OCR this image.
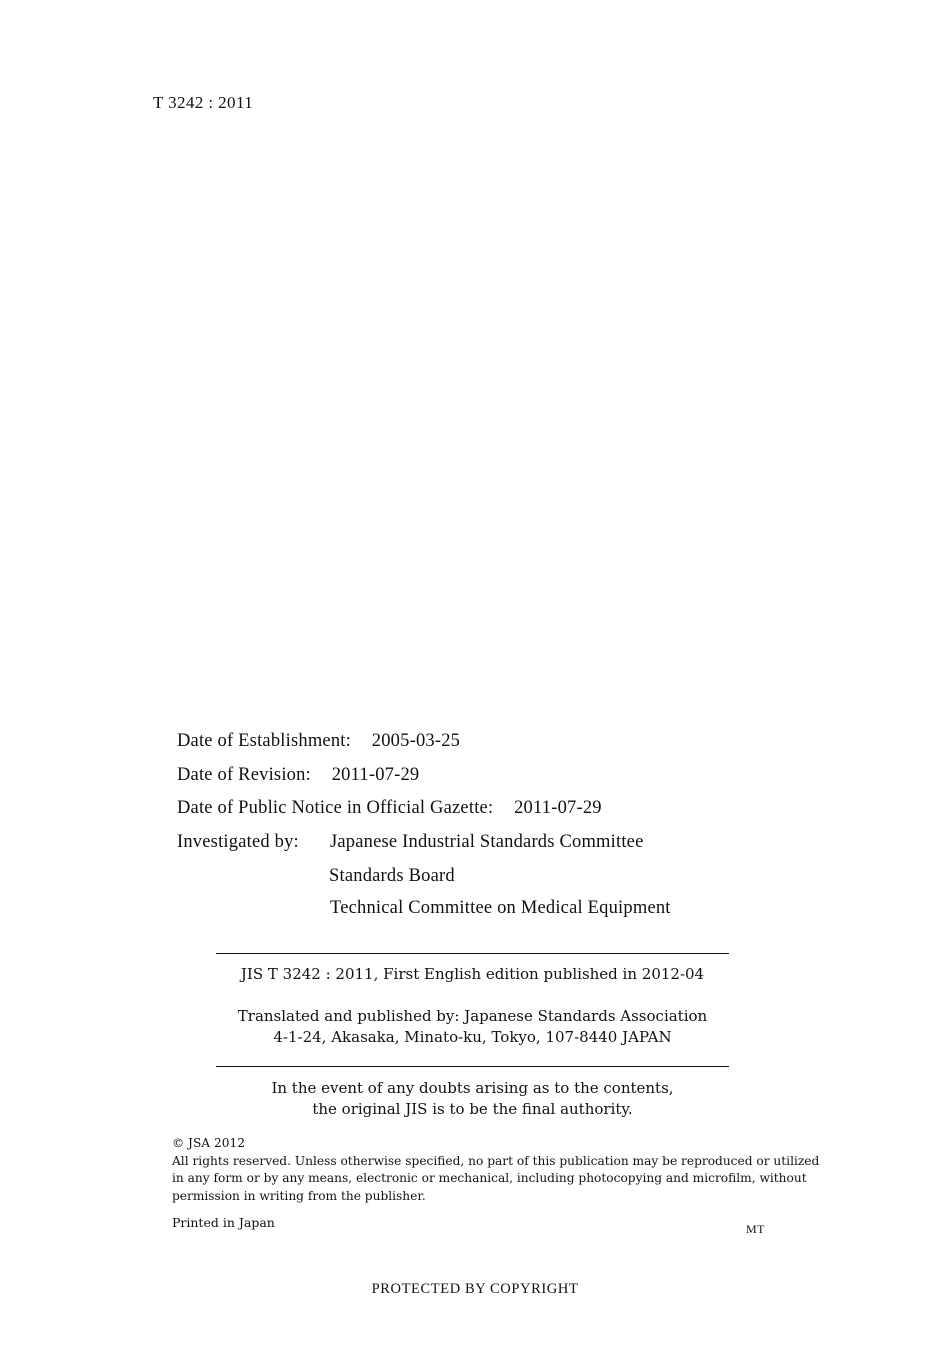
T 3242 : 2011
Date of Establishment: 2005-03-25
Date of Revision: 2011-07-29
Date of Public Notice in Official Gazette: 2011-07-29
Investigated by: Japanese Industrial Standards Committee
Standards Board
Technical Committee on Medical Equipment
JIS T 3242 : 2011, First English edition published in 2012-04
Translated and published by: Japanese Standards Association
4-1-24, Akasaka, Minato-ku, Tokyo, 107-8440 JAPAN
In the event of any doubts arising as to the contents,
the original JIS is to be the final authority.
© JSA 2012
All rights reserved. Unless otherwise specified, no part of this publication may be reproduced or utilized
in any form or by any means, electronic or mechanical, including photocopying and microfilm, without
permission in writing from the publisher.
Printed in Japan	MT
PROTECTED BY COPYRIGHT
